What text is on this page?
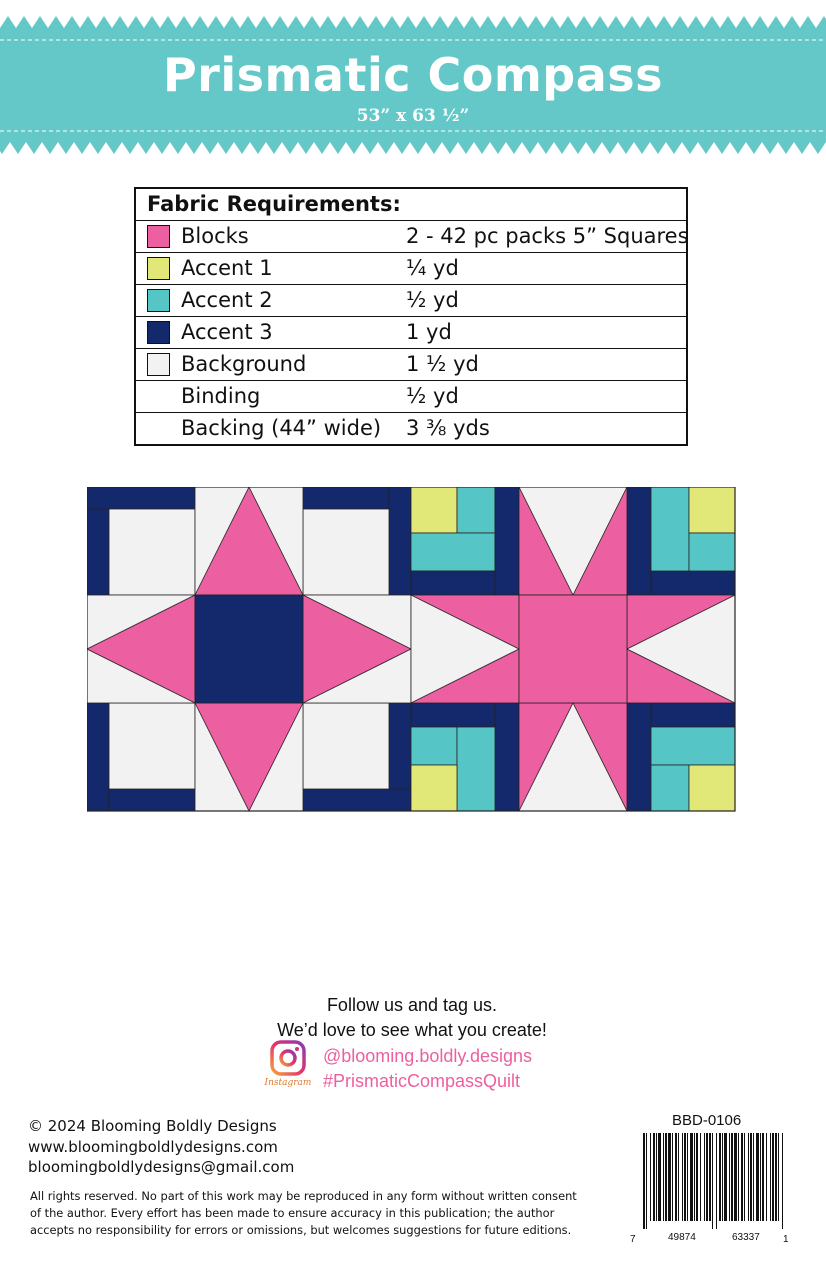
Prismatic Compass
53” x 63 ½”
Fabric Requirements:
Blocks	2 - 42 pc packs 5” Squares
Accent 1	¼ yd
Accent 2	½ yd
Accent 3	1 yd
Background	1 ½ yd
Binding	½ yd
Backing (44” wide) 3 ⅜ yds
Follow us and tag us.
We’d love to see what you create!
Instagram
@blooming.boldly.designs
#PrismaticCompassQuilt
© 2024 Blooming Boldly Designs
www.bloomingboldlydesigns.com
bloomingboldlydesigns@gmail.com
All rights reserved. No part of this work may be reproduced in any form without written consent
of the author. Every effort has been made to ensure accuracy in this publication; the author
accepts no responsibility for errors or omissions, but welcomes suggestions for future editions.
BBD-0106
7	49874	63337 1
